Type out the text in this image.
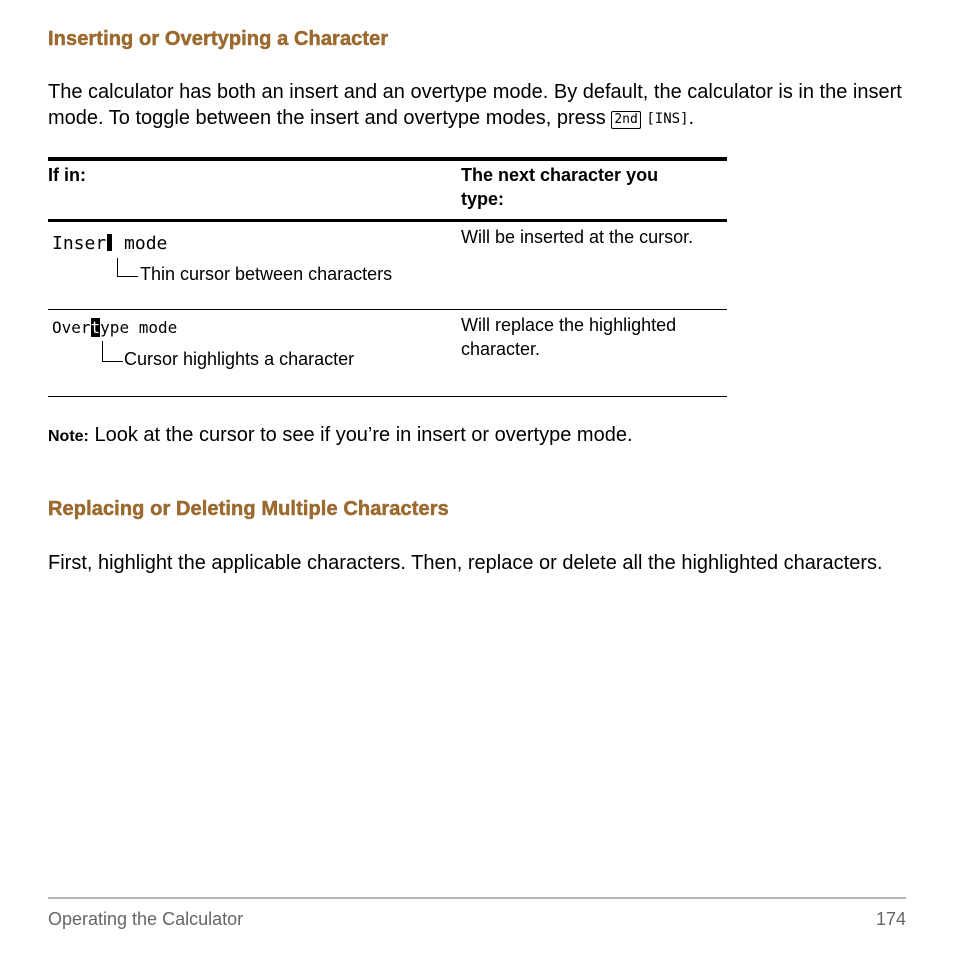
Inserting or Overtyping a Character

The calculator has both an insert and an overtype mode. By default, the calculator is in the insert mode. To toggle between the insert and overtype modes, press 2nd [INS].

If in:	The next character you type:

Inser mode
Thin cursor between characters

Will be inserted at the cursor.

Overtype mode
Cursor highlights a character

Will replace the highlighted character.

Note: Look at the cursor to see if you’re in insert or overtype mode.

Replacing or Deleting Multiple Characters

First, highlight the applicable characters. Then, replace or delete all the highlighted characters.

Operating the Calculator	174
